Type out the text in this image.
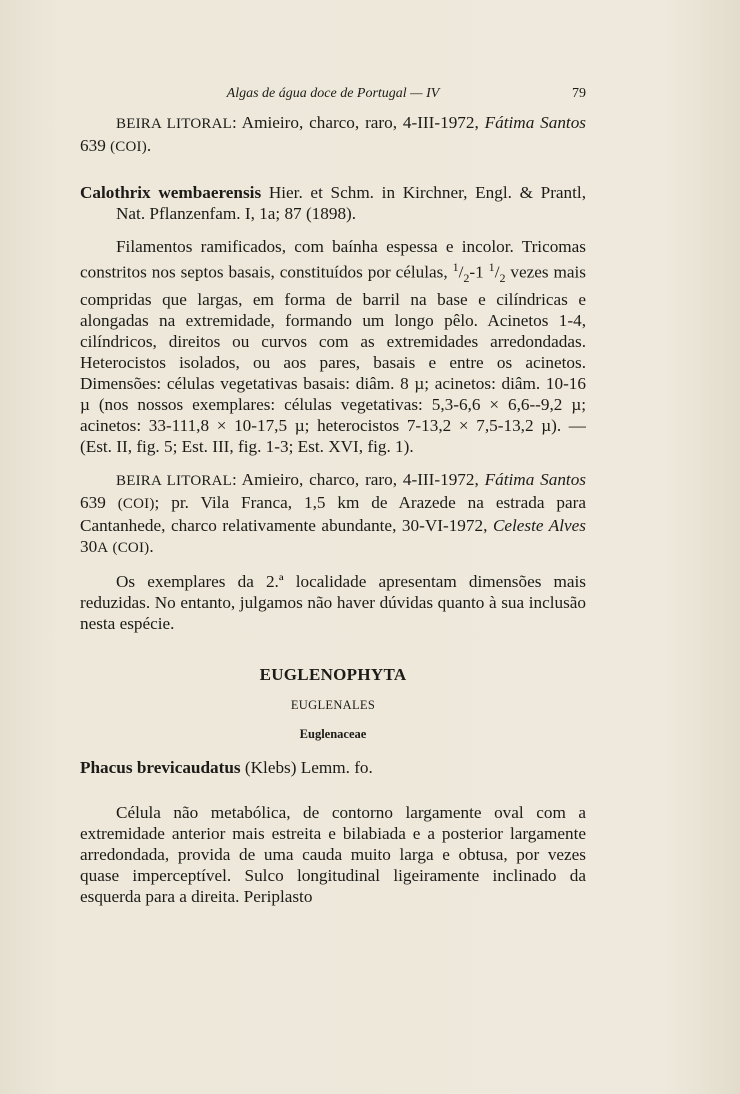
Algas de água doce de Portugal — IV	79

BEIRA LITORAL: Amieiro, charco, raro, 4-III-1972, Fátima Santos 639 (COI).

Calothrix wembaerensis Hier. et Schm. in Kirchner, Engl. & Prantl, Nat. Pflanzenfam. I, 1a; 87 (1898).

Filamentos ramificados, com baínha espessa e incolor. Tricomas constritos nos septos basais, constituídos por células, $^1/_2-1$ $^1/_2$ vezes mais compridas que largas, em forma de barril na base e cilíndricas e alongadas na extremidade, formando um longo pêlo. Acinetos 1-4, cilíndricos, direitos ou curvos com as extremidades arredondadas. Heterocistos isolados, ou aos pares, basais e entre os acinetos. Dimensões: células vegetativas basais: diâm. 8 µ; acinetos: diâm. 10-16 µ (nos nossos exemplares: células vegetativas: 5,3-6,6 × 6,6--9,2 µ; acinetos: 33-111,8 × 10-17,5 µ; heterocistos 7-13,2 × 7,5-13,2 µ). — (Est. II, fig. 5; Est. III, fig. 1-3; Est. XVI, fig. 1).

BEIRA LITORAL: Amieiro, charco, raro, 4-III-1972, Fátima Santos 639 (COI); pr. Vila Franca, 1,5 km de Arazede na estrada para Cantanhede, charco relativamente abundante, 30-VI-1972, Celeste Alves 30A (COI).

Os exemplares da 2.ª localidade apresentam dimensões mais reduzidas. No entanto, julgamos não haver dúvidas quanto à sua inclusão nesta espécie.

EUGLENOPHYTA
EUGLENALES
Euglenaceae

Phacus brevicaudatus (Klebs) Lemm. fo.

Célula não metabólica, de contorno largamente oval com a extremidade anterior mais estreita e bilabiada e a posterior largamente arredondada, provida de uma cauda muito larga e obtusa, por vezes quase imperceptível. Sulco longitudinal ligeiramente inclinado da esquerda para a direita. Periplasto
